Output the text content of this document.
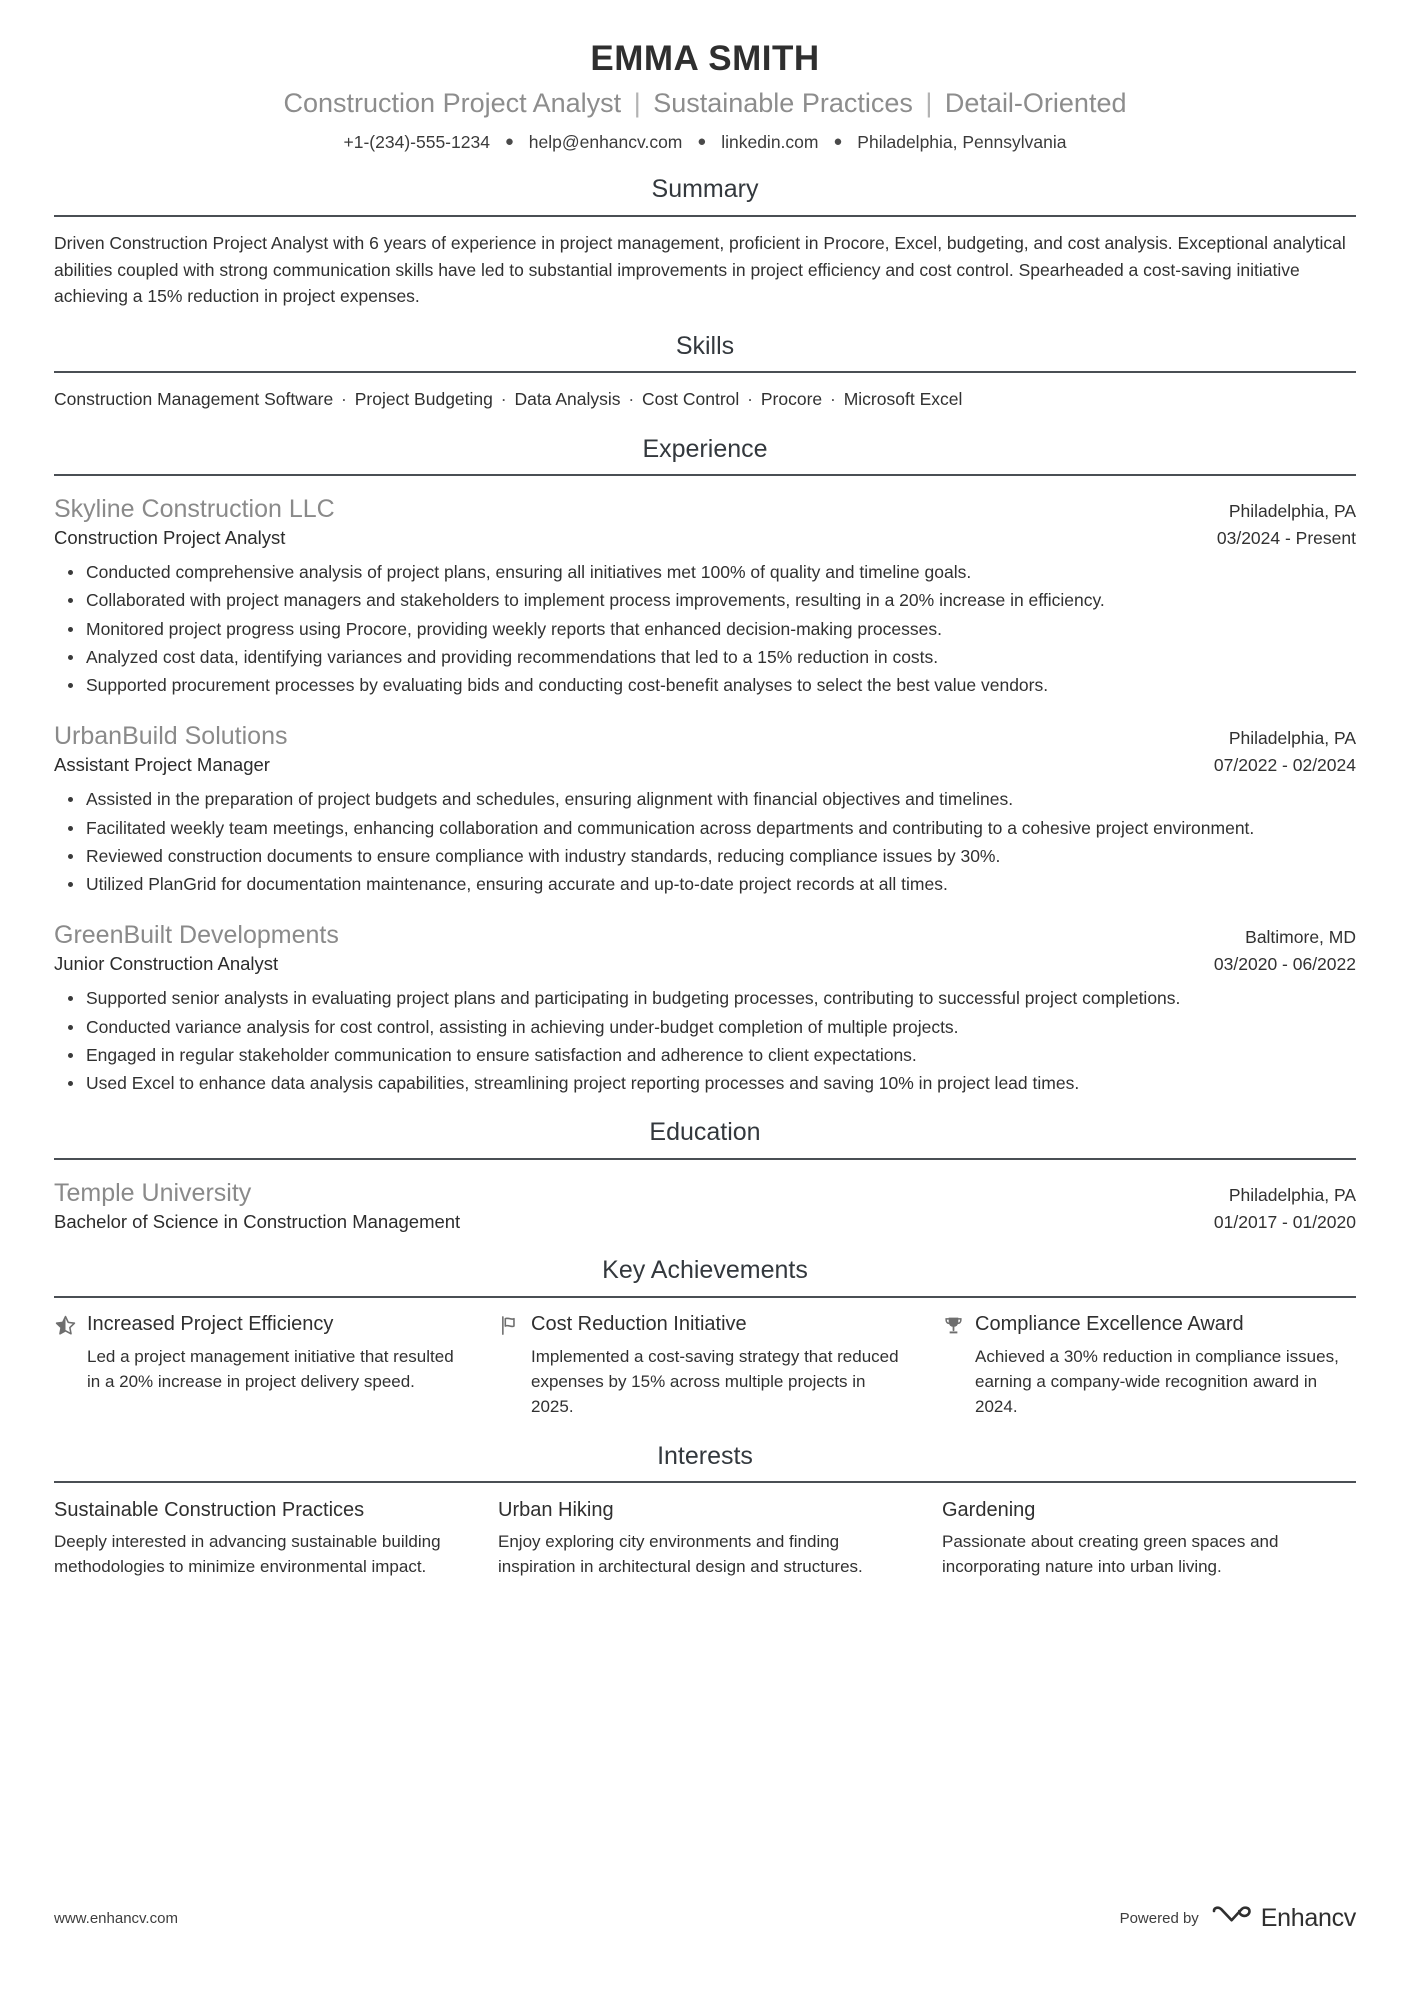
EMMA SMITH
Construction Project Analyst | Sustainable Practices | Detail-Oriented
+1-(234)-555-1234 ● help@enhancv.com ● linkedin.com ● Philadelphia, Pennsylvania
Summary
Driven Construction Project Analyst with 6 years of experience in project management, proficient in Procore, Excel, budgeting, and cost analysis. Exceptional analytical abilities coupled with strong communication skills have led to substantial improvements in project efficiency and cost control. Spearheaded a cost-saving initiative achieving a 15% reduction in project expenses.
Skills
Construction Management Software · Project Budgeting · Data Analysis · Cost Control · Procore · Microsoft Excel
Experience
Skyline Construction LLC	Philadelphia, PA
Construction Project Analyst	03/2024 - Present
Conducted comprehensive analysis of project plans, ensuring all initiatives met 100% of quality and timeline goals.
Collaborated with project managers and stakeholders to implement process improvements, resulting in a 20% increase in efficiency.
Monitored project progress using Procore, providing weekly reports that enhanced decision-making processes.
Analyzed cost data, identifying variances and providing recommendations that led to a 15% reduction in costs.
Supported procurement processes by evaluating bids and conducting cost-benefit analyses to select the best value vendors.
UrbanBuild Solutions	Philadelphia, PA
Assistant Project Manager	07/2022 - 02/2024
Assisted in the preparation of project budgets and schedules, ensuring alignment with financial objectives and timelines.
Facilitated weekly team meetings, enhancing collaboration and communication across departments and contributing to a cohesive project environment.
Reviewed construction documents to ensure compliance with industry standards, reducing compliance issues by 30%.
Utilized PlanGrid for documentation maintenance, ensuring accurate and up-to-date project records at all times.
GreenBuilt Developments	Baltimore, MD
Junior Construction Analyst	03/2020 - 06/2022
Supported senior analysts in evaluating project plans and participating in budgeting processes, contributing to successful project completions.
Conducted variance analysis for cost control, assisting in achieving under-budget completion of multiple projects.
Engaged in regular stakeholder communication to ensure satisfaction and adherence to client expectations.
Used Excel to enhance data analysis capabilities, streamlining project reporting processes and saving 10% in project lead times.
Education
Temple University	Philadelphia, PA
Bachelor of Science in Construction Management	01/2017 - 01/2020
Key Achievements
Increased Project Efficiency
Led a project management initiative that resulted in a 20% increase in project delivery speed.
Cost Reduction Initiative
Implemented a cost-saving strategy that reduced expenses by 15% across multiple projects in 2025.
Compliance Excellence Award
Achieved a 30% reduction in compliance issues, earning a company-wide recognition award in 2024.
Interests
Sustainable Construction Practices
Deeply interested in advancing sustainable building methodologies to minimize environmental impact.
Urban Hiking
Enjoy exploring city environments and finding inspiration in architectural design and structures.
Gardening
Passionate about creating green spaces and incorporating nature into urban living.
www.enhancv.com	Powered by Enhancv
